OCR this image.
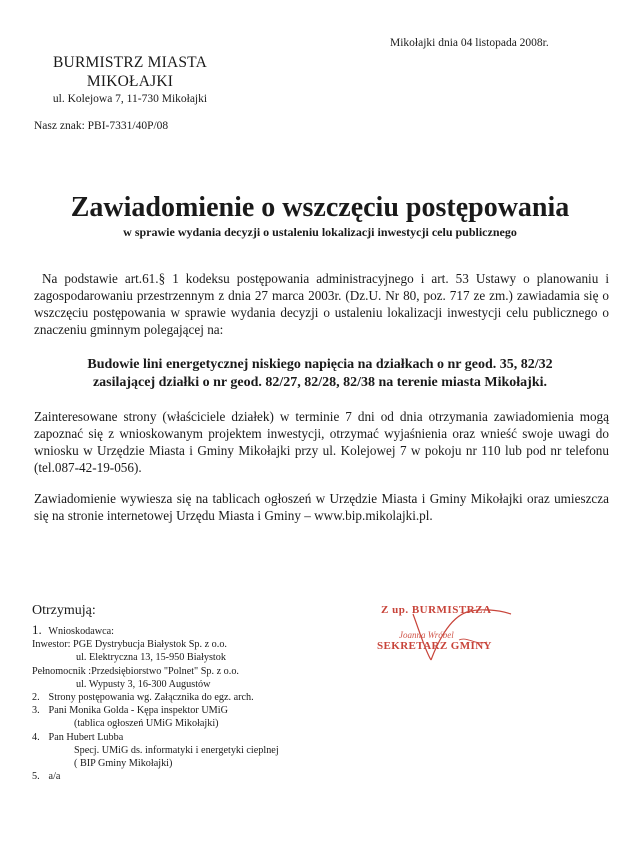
Mikołajki dnia 04 listopada 2008r.
BURMISTRZ MIASTA
MIKOŁAJKI
ul. Kolejowa 7, 11-730 Mikołajki
Nasz znak: PBI-7331/40P/08
Zawiadomienie o wszczęciu postępowania
w sprawie wydania decyzji o ustaleniu lokalizacji inwestycji celu publicznego
Na podstawie art.61.§ 1 kodeksu postępowania administracyjnego i art. 53 Ustawy o planowaniu i zagospodarowaniu przestrzennym z dnia 27 marca 2003r. (Dz.U. Nr 80, poz. 717 ze zm.) zawiadamia się o wszczęciu postępowania w sprawie wydania decyzji o ustaleniu lokalizacji inwestycji celu publicznego o znaczeniu gminnym polegającej na:
Budowie lini energetycznej niskiego napięcia na działkach o nr geod. 35, 82/32
zasilającej działki o nr geod. 82/27, 82/28, 82/38 na terenie miasta Mikołajki.
Zainteresowane strony (właściciele działek) w terminie 7 dni od dnia otrzymania zawiadomienia mogą zapoznać się z wnioskowanym projektem inwestycji, otrzymać wyjaśnienia oraz wnieść swoje uwagi do wniosku w Urzędzie Miasta i Gminy Mikołajki przy ul. Kolejowej 7 w pokoju nr 110 lub pod nr telefonu (tel.087-42-19-056).
Zawiadomienie wywiesza się na tablicach ogłoszeń w Urzędzie Miasta i Gminy Mikołajki oraz umieszcza się na stronie internetowej Urzędu Miasta i Gminy – www.bip.mikolajki.pl.
Otrzymują:
1. Wnioskodawca:
Inwestor: PGE Dystrybucja Białystok Sp. z o.o.
ul. Elektryczna 13, 15-950 Białystok
Pełnomocnik :Przedsiębiorstwo "Polnet" Sp. z o.o.
ul. Wypusty 3, 16-300 Augustów
2. Strony postępowania wg. Załącznika do egz. arch.
3. Pani Monika Golda - Kępa inspektor UMiG
(tablica ogłoszeń UMiG Mikołajki)
4. Pan Hubert Lubba
Specj. UMiG ds. informatyki i energetyki cieplnej
( BIP Gminy Mikołajki)
5. a/a
Z up. BURMISTRZA
Joanna Wróbel
SEKRETARZ GMINY
